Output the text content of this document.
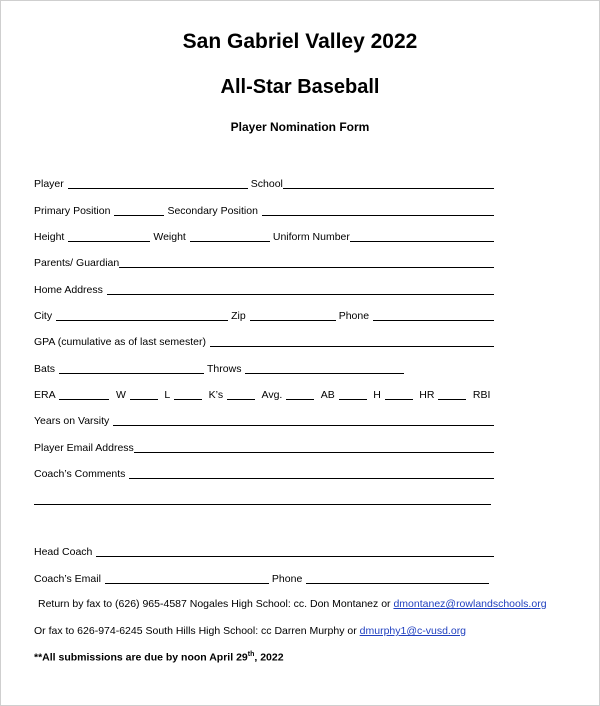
San Gabriel Valley 2022
All-Star Baseball
Player Nomination Form
Player	School
Primary Position	Secondary Position
Height	Weight	Uniform Number
Parents/ Guardian
Home Address
City	Zip	Phone
GPA (cumulative as of last semester)
Bats	Throws
ERA	W	L	K’s	Avg.	AB	H	HR	RBI
Years on Varsity
Player Email Address
Coach’s Comments
Head Coach
Coach’s Email	Phone
Return by fax to (626) 965-4587 Nogales High School: cc. Don Montanez or dmontanez@rowlandschools.org
Or fax to 626-974-6245 South Hills High School: cc Darren Murphy or dmurphy1@c-vusd.org
**All submissions are due by noon April 29th, 2022
